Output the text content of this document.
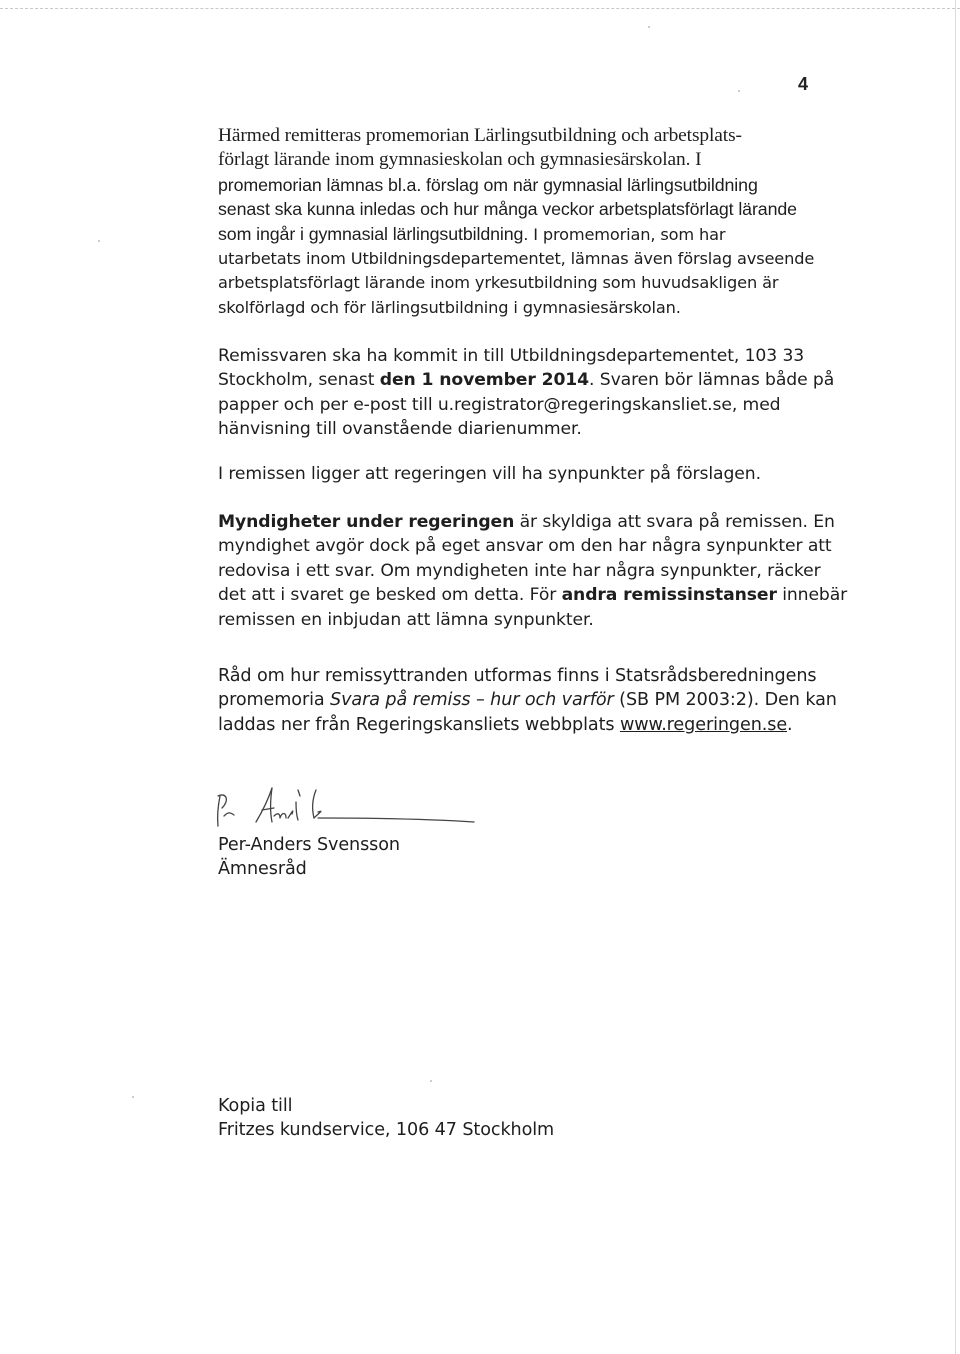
4

Härmed remitteras promemorian Lärlingsutbildning och arbetsplats-
förlagt lärande inom gymnasieskolan och gymnasiesärskolan. I
promemorian lämnas bl.a. förslag om när gymnasial lärlingsutbildning
senast ska kunna inledas och hur många veckor arbetsplatsförlagt lärande
som ingår i gymnasial lärlingsutbildning. I promemorian, som har
utarbetats inom Utbildningsdepartementet, lämnas även förslag avseende
arbetsplatsförlagt lärande inom yrkesutbildning som huvudsakligen är
skolförlagd och för lärlingsutbildning i gymnasiesärskolan.

Remissvaren ska ha kommit in till Utbildningsdepartementet, 103 33
Stockholm, senast den 1 november 2014. Svaren bör lämnas både på
papper och per e-post till u.registrator@regeringskansliet.se, med
hänvisning till ovanstående diarienummer.

I remissen ligger att regeringen vill ha synpunkter på förslagen.

Myndigheter under regeringen är skyldiga att svara på remissen. En
myndighet avgör dock på eget ansvar om den har några synpunkter att
redovisa i ett svar. Om myndigheten inte har några synpunkter, räcker
det att i svaret ge besked om detta. För andra remissinstanser innebär
remissen en inbjudan att lämna synpunkter.

Råd om hur remissyttranden utformas finns i Statsrådsberedningens
promemoria Svara på remiss – hur och varför (SB PM 2003:2). Den kan
laddas ner från Regeringskansliets webbplats www.regeringen.se.

Per-Anders Svensson
Ämnesråd

Kopia till
Fritzes kundservice, 106 47 Stockholm
